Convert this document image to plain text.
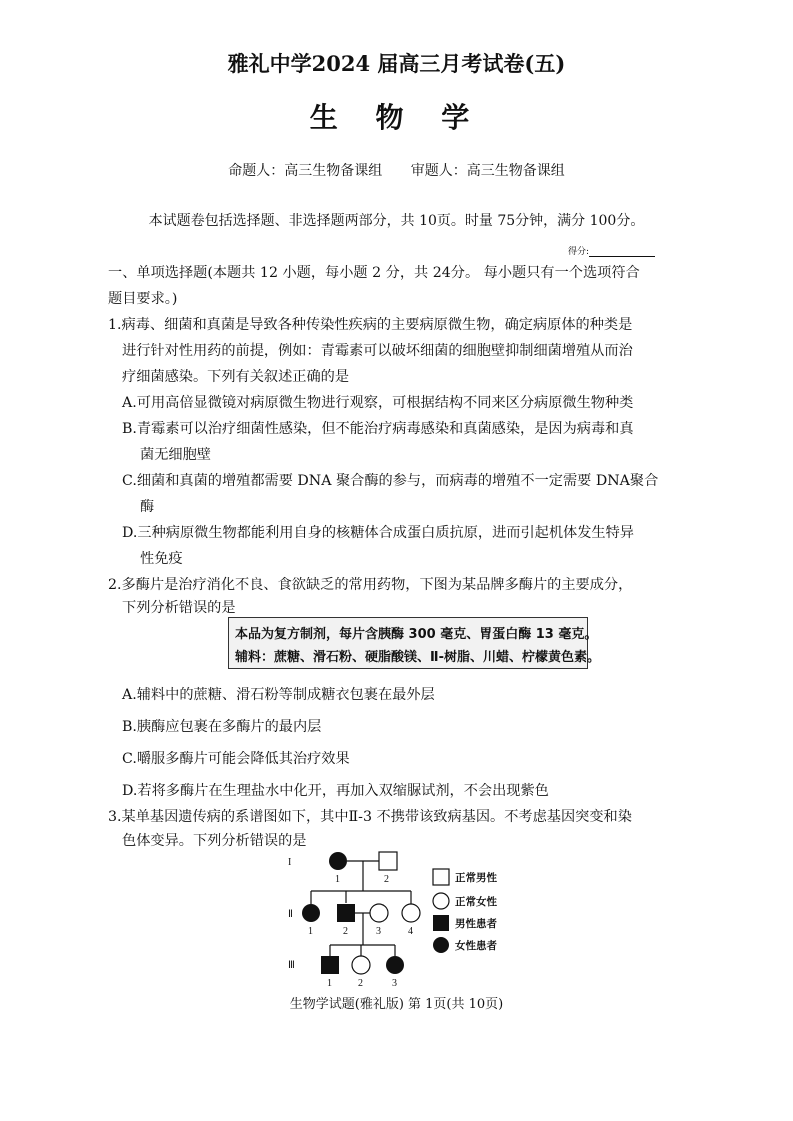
雅礼中学2024 届高三月考试卷(五)
生 物 学
命题人：高三生物备课组 审题人：高三生物备课组
本试题卷包括选择题、非选择题两部分，共 10页。时量 75分钟，满分 100分。
得分:
一、单项选择题(本题共 12 小题，每小题 2 分，共 24分。 每小题只有一个选项符合
题目要求。)
1.病毒、细菌和真菌是导致各种传染性疾病的主要病原微生物，确定病原体的种类是
进行针对性用药的前提，例如：青霉素可以破坏细菌的细胞壁抑制细菌增殖从而治
疗细菌感染。下列有关叙述正确的是
A.可用高倍显微镜对病原微生物进行观察，可根据结构不同来区分病原微生物种类
B.青霉素可以治疗细菌性感染，但不能治疗病毒感染和真菌感染，是因为病毒和真
菌无细胞壁
C.细菌和真菌的增殖都需要 DNA 聚合酶的参与，而病毒的增殖不一定需要 DNA聚合
酶
D.三种病原微生物都能利用自身的核糖体合成蛋白质抗原，进而引起机体发生特异
性免疫
2.多酶片是治疗消化不良、食欲缺乏的常用药物，下图为某品牌多酶片的主要成分，
下列分析错误的是
本品为复方制剂，每片含胰酶 300 毫克、胃蛋白酶 13 毫克。
辅料：蔗糖、滑石粉、硬脂酸镁、Ⅱ-树脂、川蜡、柠檬黄色素。
A.辅料中的蔗糖、滑石粉等制成糖衣包裹在最外层
B.胰酶应包裹在多酶片的最内层
C.嚼服多酶片可能会降低其治疗效果
D.若将多酶片在生理盐水中化开，再加入双缩脲试剂，不会出现紫色
3.某单基因遗传病的系谱图如下，其中Ⅱ-3 不携带该致病基因。不考虑基因突变和染
色体变异。下列分析错误的是
I
Ⅱ
Ⅲ
1	2
1	2	3	4
1	2	3
正常男性
正常女性
男性患者
女性患者
生物学试题(雅礼版) 第 1页(共 10页)
